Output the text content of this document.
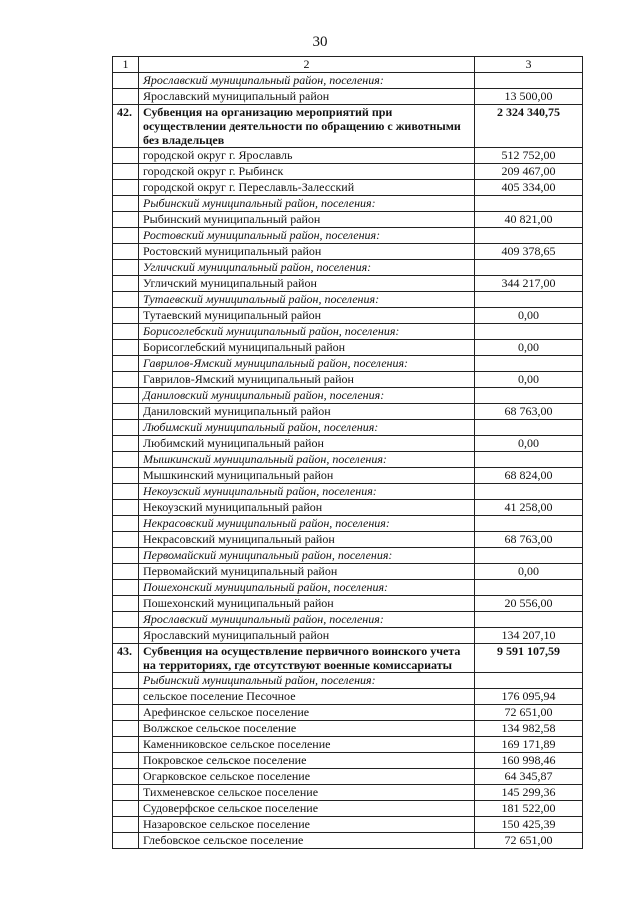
30
1	2	3
	Ярославский муниципальный район, поселения:	
	Ярославский муниципальный район	13 500,00
42.	Субвенция на организацию мероприятий при осуществлении деятельности по обращению с животными без владельцев	2 324 340,75
	городской округ г. Ярославль	512 752,00
	городской округ г. Рыбинск	209 467,00
	городской округ г. Переславль-Залесский	405 334,00
	Рыбинский муниципальный район, поселения:	
	Рыбинский муниципальный район	40 821,00
	Ростовский муниципальный район, поселения:	
	Ростовский муниципальный район	409 378,65
	Угличский муниципальный район, поселения:	
	Угличский муниципальный район	344 217,00
	Тутаевский муниципальный район, поселения:	
	Тутаевский муниципальный район	0,00
	Борисоглебский муниципальный район, поселения:	
	Борисоглебский муниципальный район	0,00
	Гаврилов-Ямский муниципальный район, поселения:	
	Гаврилов-Ямский муниципальный район	0,00
	Даниловский муниципальный район, поселения:	
	Даниловский муниципальный район	68 763,00
	Любимский муниципальный район, поселения:	
	Любимский муниципальный район	0,00
	Мышкинский муниципальный район, поселения:	
	Мышкинский муниципальный район	68 824,00
	Некоузский муниципальный район, поселения:	
	Некоузский муниципальный район	41 258,00
	Некрасовский муниципальный район, поселения:	
	Некрасовский муниципальный район	68 763,00
	Первомайский муниципальный район, поселения:	
	Первомайский муниципальный район	0,00
	Пошехонский муниципальный район, поселения:	
	Пошехонский муниципальный район	20 556,00
	Ярославский муниципальный район, поселения:	
	Ярославский муниципальный район	134 207,10
43.	Субвенция на осуществление первичного воинского учета на территориях, где отсутствуют военные комиссариаты	9 591 107,59
	Рыбинский муниципальный район, поселения:	
	сельское поселение Песочное	176 095,94
	Арефинское сельское поселение	72 651,00
	Волжское сельское поселение	134 982,58
	Каменниковское сельское поселение	169 171,89
	Покровское сельское поселение	160 998,46
	Огарковское сельское поселение	64 345,87
	Тихменевское сельское поселение	145 299,36
	Судоверфское сельское поселение	181 522,00
	Назаровское сельское поселение	150 425,39
	Глебовское сельское поселение	72 651,00
